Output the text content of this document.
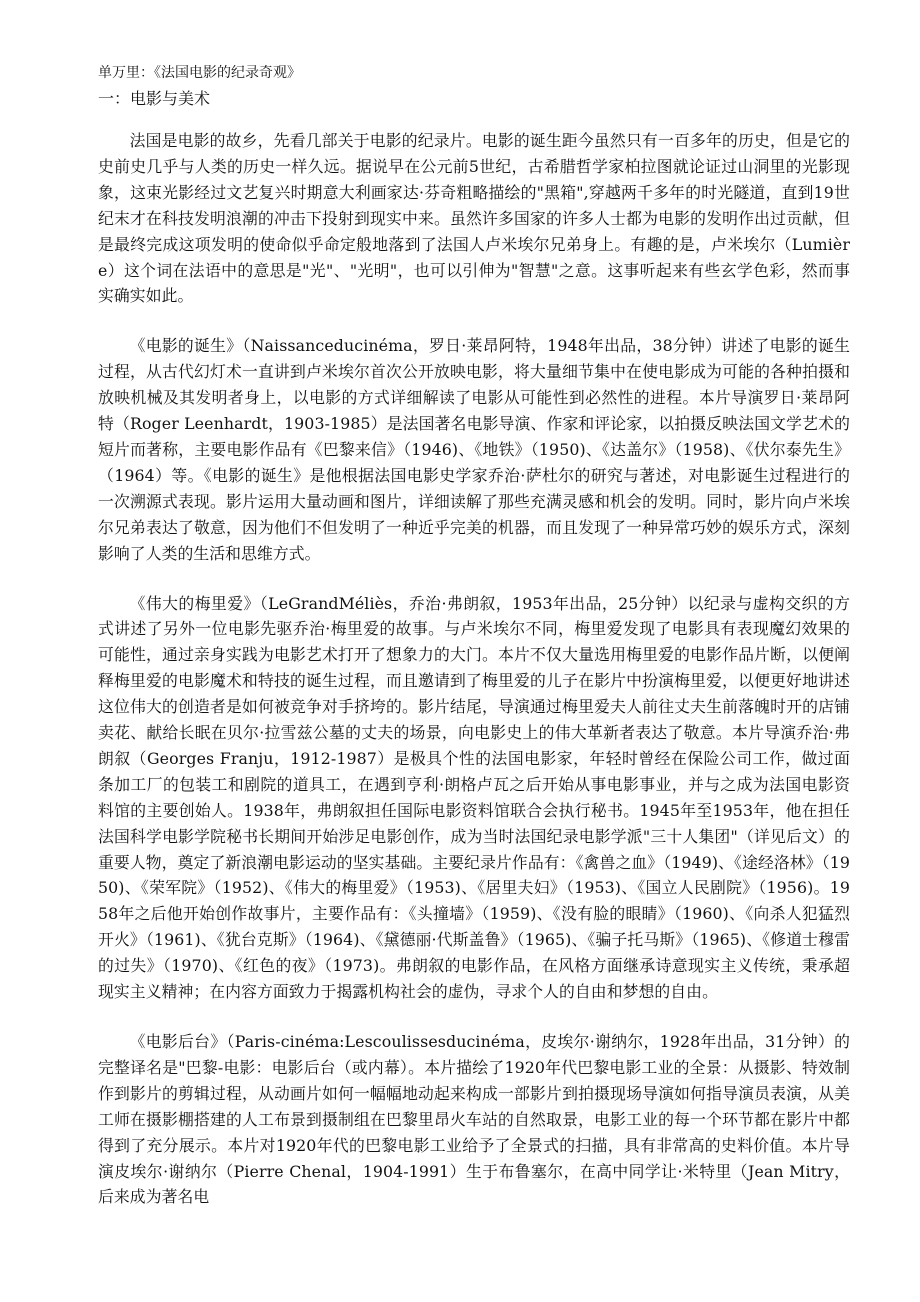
单万里：《法国电影的纪录奇观》
一：电影与美术

法国是电影的故乡，先看几部关于电影的纪录片。电影的诞生距今虽然只有一百多年的历史，但是它的史前史几乎与人类的历史一样久远。据说早在公元前5世纪，古希腊哲学家柏拉图就论证过山洞里的光影现象，这束光影经过文艺复兴时期意大利画家达·芬奇粗略描绘的"黑箱",穿越两千多年的时光隧道，直到19世纪末才在科技发明浪潮的冲击下投射到现实中来。虽然许多国家的许多人士都为电影的发明作出过贡献，但是最终完成这项发明的使命似乎命定般地落到了法国人卢米埃尔兄弟身上。有趣的是，卢米埃尔（Lumière）这个词在法语中的意思是"光"、"光明"，也可以引伸为"智慧"之意。这事听起来有些玄学色彩，然而事实确实如此。

《电影的诞生》（Naissanceducinéma，罗日·莱昂阿特，1948年出品，38分钟）讲述了电影的诞生过程，从古代幻灯术一直讲到卢米埃尔首次公开放映电影，将大量细节集中在使电影成为可能的各种拍摄和放映机械及其发明者身上，以电影的方式详细解读了电影从可能性到必然性的进程。本片导演罗日·莱昂阿特（Roger Leenhardt，1903-1985）是法国著名电影导演、作家和评论家，以拍摄反映法国文学艺术的短片而著称，主要电影作品有《巴黎来信》（1946)、《地铁》（1950)、《达盖尔》（1958)、《伏尔泰先生》（1964）等。《电影的诞生》是他根据法国电影史学家乔治·萨杜尔的研究与著述，对电影诞生过程进行的一次溯源式表现。影片运用大量动画和图片，详细读解了那些充满灵感和机会的发明。同时，影片向卢米埃尔兄弟表达了敬意，因为他们不但发明了一种近乎完美的机器，而且发现了一种异常巧妙的娱乐方式，深刻影响了人类的生活和思维方式。

《伟大的梅里爱》（LeGrandMéliès，乔治·弗朗叙，1953年出品，25分钟）以纪录与虚构交织的方式讲述了另外一位电影先驱乔治·梅里爱的故事。与卢米埃尔不同，梅里爱发现了电影具有表现魔幻效果的可能性，通过亲身实践为电影艺术打开了想象力的大门。本片不仅大量选用梅里爱的电影作品片断，以便阐释梅里爱的电影魔术和特技的诞生过程，而且邀请到了梅里爱的儿子在影片中扮演梅里爱，以便更好地讲述这位伟大的创造者是如何被竞争对手挤垮的。影片结尾，导演通过梅里爱夫人前往丈夫生前落魄时开的店铺卖花、献给长眠在贝尔·拉雪兹公墓的丈夫的场景，向电影史上的伟大革新者表达了敬意。本片导演乔治·弗朗叙（Georges Franju，1912-1987）是极具个性的法国电影家，年轻时曾经在保险公司工作，做过面条加工厂的包装工和剧院的道具工，在遇到亨利·朗格卢瓦之后开始从事电影事业，并与之成为法国电影资料馆的主要创始人。1938年，弗朗叙担任国际电影资料馆联合会执行秘书。1945年至1953年，他在担任法国科学电影学院秘书长期间开始涉足电影创作，成为当时法国纪录电影学派"三十人集团"（详见后文）的重要人物，奠定了新浪潮电影运动的坚实基础。主要纪录片作品有：《禽兽之血》（1949)、《途经洛林》（1950)、《荣军院》（1952)、《伟大的梅里爱》（1953)、《居里夫妇》（1953)、《国立人民剧院》（1956)。1958年之后他开始创作故事片，主要作品有：《头撞墙》（1959)、《没有脸的眼睛》（1960)、《向杀人犯猛烈开火》（1961)、《犹台克斯》（1964)、《黛德丽·代斯盖鲁》（1965)、《骗子托马斯》（1965)、《修道士穆雷的过失》（1970)、《红色的夜》（1973)。弗朗叙的电影作品，在风格方面继承诗意现实主义传统，秉承超现实主义精神；在内容方面致力于揭露机构社会的虚伪，寻求个人的自由和梦想的自由。

《电影后台》（Paris-cinéma:Lescoulissesducinéma，皮埃尔·谢纳尔，1928年出品，31分钟）的完整译名是"巴黎-电影：电影后台（或内幕）。本片描绘了1920年代巴黎电影工业的全景：从摄影、特效制作到影片的剪辑过程，从动画片如何一幅幅地动起来构成一部影片到拍摄现场导演如何指导演员表演，从美工师在摄影棚搭建的人工布景到摄制组在巴黎里昂火车站的自然取景，电影工业的每一个环节都在影片中都得到了充分展示。本片对1920年代的巴黎电影工业给予了全景式的扫描，具有非常高的史料价值。本片导演皮埃尔·谢纳尔（Pierre Chenal，1904-1991）生于布鲁塞尔，在高中同学让·米特里（Jean Mitry，后来成为著名电
